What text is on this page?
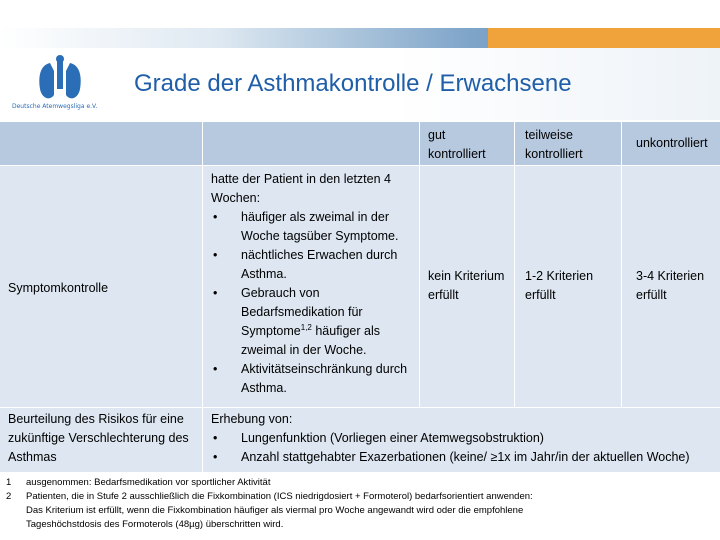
Deutsche Atemwegsliga e.V.
Grade der Asthmakontrolle / Erwachsene
gut kontrolliert
teilweise kontrolliert
unkontrolliert
Symptomkontrolle
hatte der Patient in den letzten 4 Wochen:
• häufiger als zweimal in der Woche tagsüber Symptome.
• nächtliches Erwachen durch Asthma.
• Gebrauch von Bedarfsmedikation für Symptome$^{1,2}$ häufiger als zweimal in der Woche.
• Aktivitätseinschränkung durch Asthma.
kein Kriterium erfüllt
1-2 Kriterien erfüllt
3-4 Kriterien erfüllt
Beurteilung des Risikos für eine zukünftige Verschlechterung des Asthmas
Erhebung von:
• Lungenfunktion (Vorliegen einer Atemwegsobstruktion)
• Anzahl stattgehabter Exazerbationen (keine/ ≥1x im Jahr/in der aktuellen Woche)
1	ausgenommen: Bedarfsmedikation vor sportlicher Aktivität
2	Patienten, die in Stufe 2 ausschließlich die Fixkombination (ICS niedrigdosiert + Formoterol) bedarfsorientiert anwenden:
Das Kriterium ist erfüllt, wenn die Fixkombination häufiger als viermal pro Woche angewandt wird oder die empfohlene
Tageshöchstdosis des Formoterols (48µg) überschritten wird.
